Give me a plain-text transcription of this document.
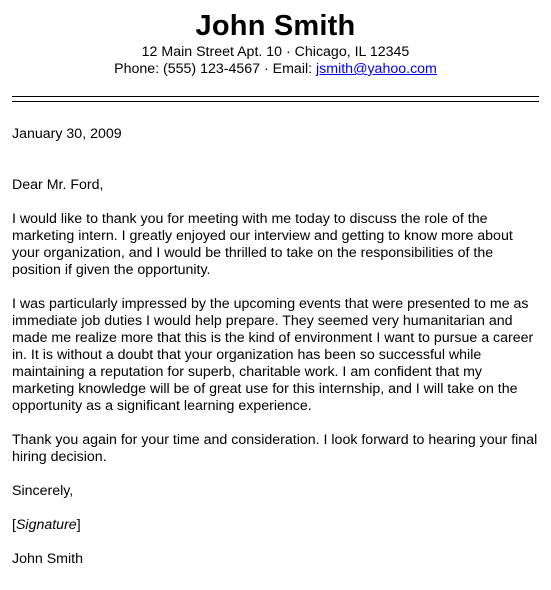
John Smith

12 Main Street Apt. 10 · Chicago, IL 12345

Phone: (555) 123-4567 · Email: jsmith@yahoo.com

January 30, 2009

Dear Mr. Ford,

I would like to thank you for meeting with me today to discuss the role of the marketing intern. I greatly enjoyed our interview and getting to know more about your organization, and I would be thrilled to take on the responsibilities of the position if given the opportunity.

I was particularly impressed by the upcoming events that were presented to me as immediate job duties I would help prepare. They seemed very humanitarian and made me realize more that this is the kind of environment I want to pursue a career in. It is without a doubt that your organization has been so successful while maintaining a reputation for superb, charitable work. I am confident that my marketing knowledge will be of great use for this internship, and I will take on the opportunity as a significant learning experience.

Thank you again for your time and consideration. I look forward to hearing your final hiring decision.

Sincerely,

[Signature]

John Smith
